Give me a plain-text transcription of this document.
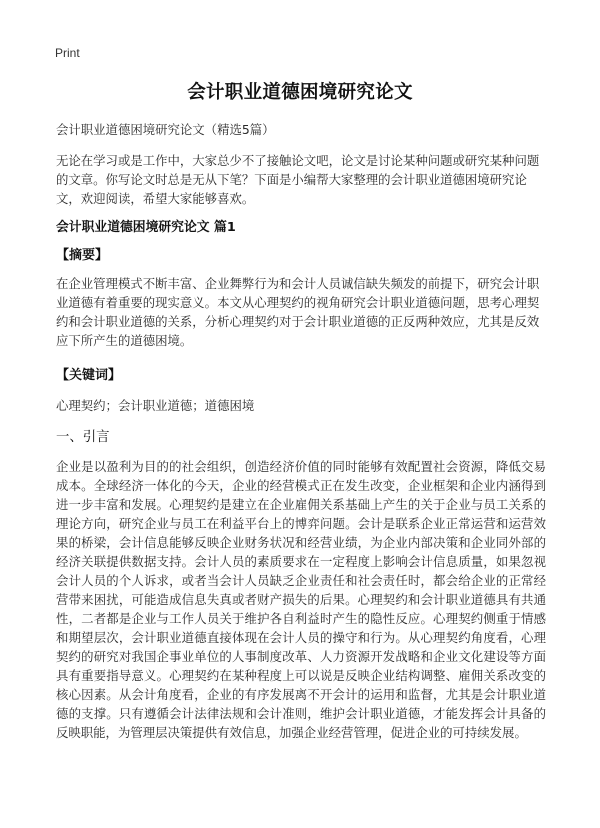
Print
会计职业道德困境研究论文

会计职业道德困境研究论文（精选5篇）

无论在学习或是工作中，大家总少不了接触论文吧，论文是讨论某种问题或研究某种问题的文章。你写论文时总是无从下笔？下面是小编帮大家整理的会计职业道德困境研究论文，欢迎阅读，希望大家能够喜欢。

会计职业道德困境研究论文 篇1

【摘要】

在企业管理模式不断丰富、企业舞弊行为和会计人员诚信缺失频发的前提下，研究会计职业道德有着重要的现实意义。本文从心理契约的视角研究会计职业道德问题，思考心理契约和会计职业道德的关系，分析心理契约对于会计职业道德的正反两种效应，尤其是反效应下所产生的道德困境。

【关键词】

心理契约；会计职业道德；道德困境

一、引言

企业是以盈利为目的的社会组织，创造经济价值的同时能够有效配置社会资源，降低交易成本。全球经济一体化的今天，企业的经营模式正在发生改变，企业框架和企业内涵得到进一步丰富和发展。心理契约是建立在企业雇佣关系基础上产生的关于企业与员工关系的理论方向，研究企业与员工在利益平台上的博弈问题。会计是联系企业正常运营和运营效果的桥梁，会计信息能够反映企业财务状况和经营业绩，为企业内部决策和企业同外部的经济关联提供数据支持。会计人员的素质要求在一定程度上影响会计信息质量，如果忽视会计人员的个人诉求，或者当会计人员缺乏企业责任和社会责任时，都会给企业的正常经营带来困扰，可能造成信息失真或者财产损失的后果。心理契约和会计职业道德具有共通性，二者都是企业与工作人员关于维护各自利益时产生的隐性反应。心理契约侧重于情感和期望层次，会计职业道德直接体现在会计人员的操守和行为。从心理契约角度看，心理契约的研究对我国企事业单位的人事制度改革、人力资源开发战略和企业文化建设等方面具有重要指导意义。心理契约在某种程度上可以说是反映企业结构调整、雇佣关系改变的核心因素。从会计角度看，企业的有序发展离不开会计的运用和监督，尤其是会计职业道德的支撑。只有遵循会计法律法规和会计准则，维护会计职业道德，才能发挥会计具备的反映职能，为管理层决策提供有效信息，加强企业经营管理，促进企业的可持续发展。
